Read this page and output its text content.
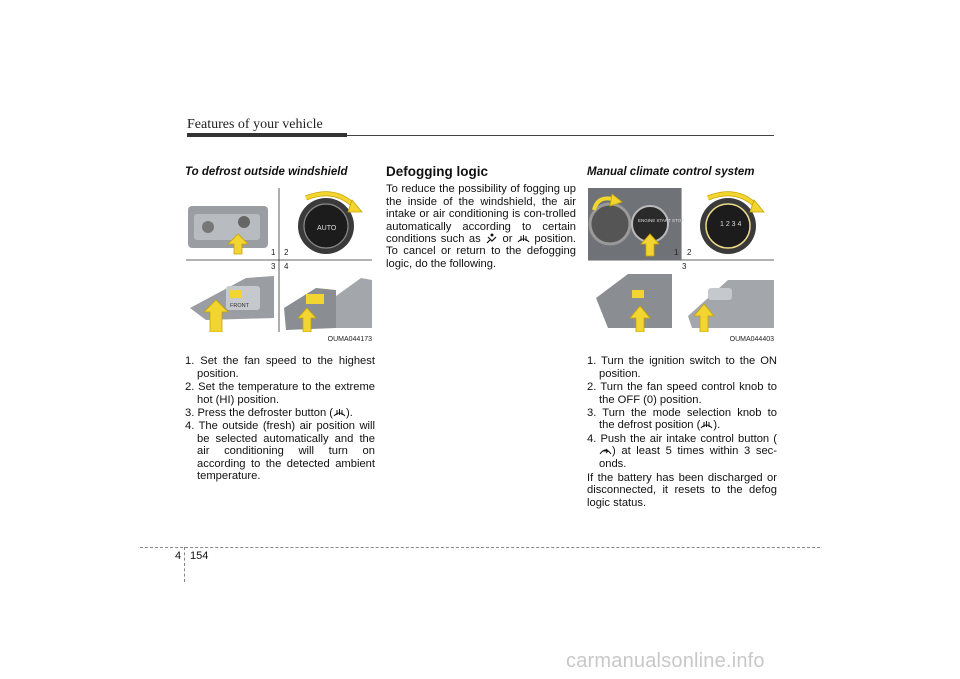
Features of your vehicle

To defrost outside windshield

1. Set the fan speed to the highest position.
2. Set the temperature to the extreme hot (HI) position.
3. Press the defroster button ( ).
4. The outside (fresh) air position will be selected automatically and the air conditioning will turn on according to the detected ambient temperature.
AUTO
FRONT
1 2
3 4
OUMA044173

Defogging logic

To reduce the possibility of fogging up the inside of the windshield, the air intake or air conditioning is con-trolled automatically according to certain conditions such as or position. To cancel or return to the defogging logic, do the following.

Manual climate control system

1. Turn the ignition switch to the ON position.
2. Turn the fan speed control knob to the OFF (0) position.
3. Turn the mode selection knob to the defrost position ( ).
4. Push the air intake control button () at least 5 times within 3 sec-onds.

If the battery has been discharged or disconnected, it resets to the defog logic status.

ENGINE START STOP
1 2 3 4
1 2
3
OUMA044403
4 154
carmanualsonline.info
